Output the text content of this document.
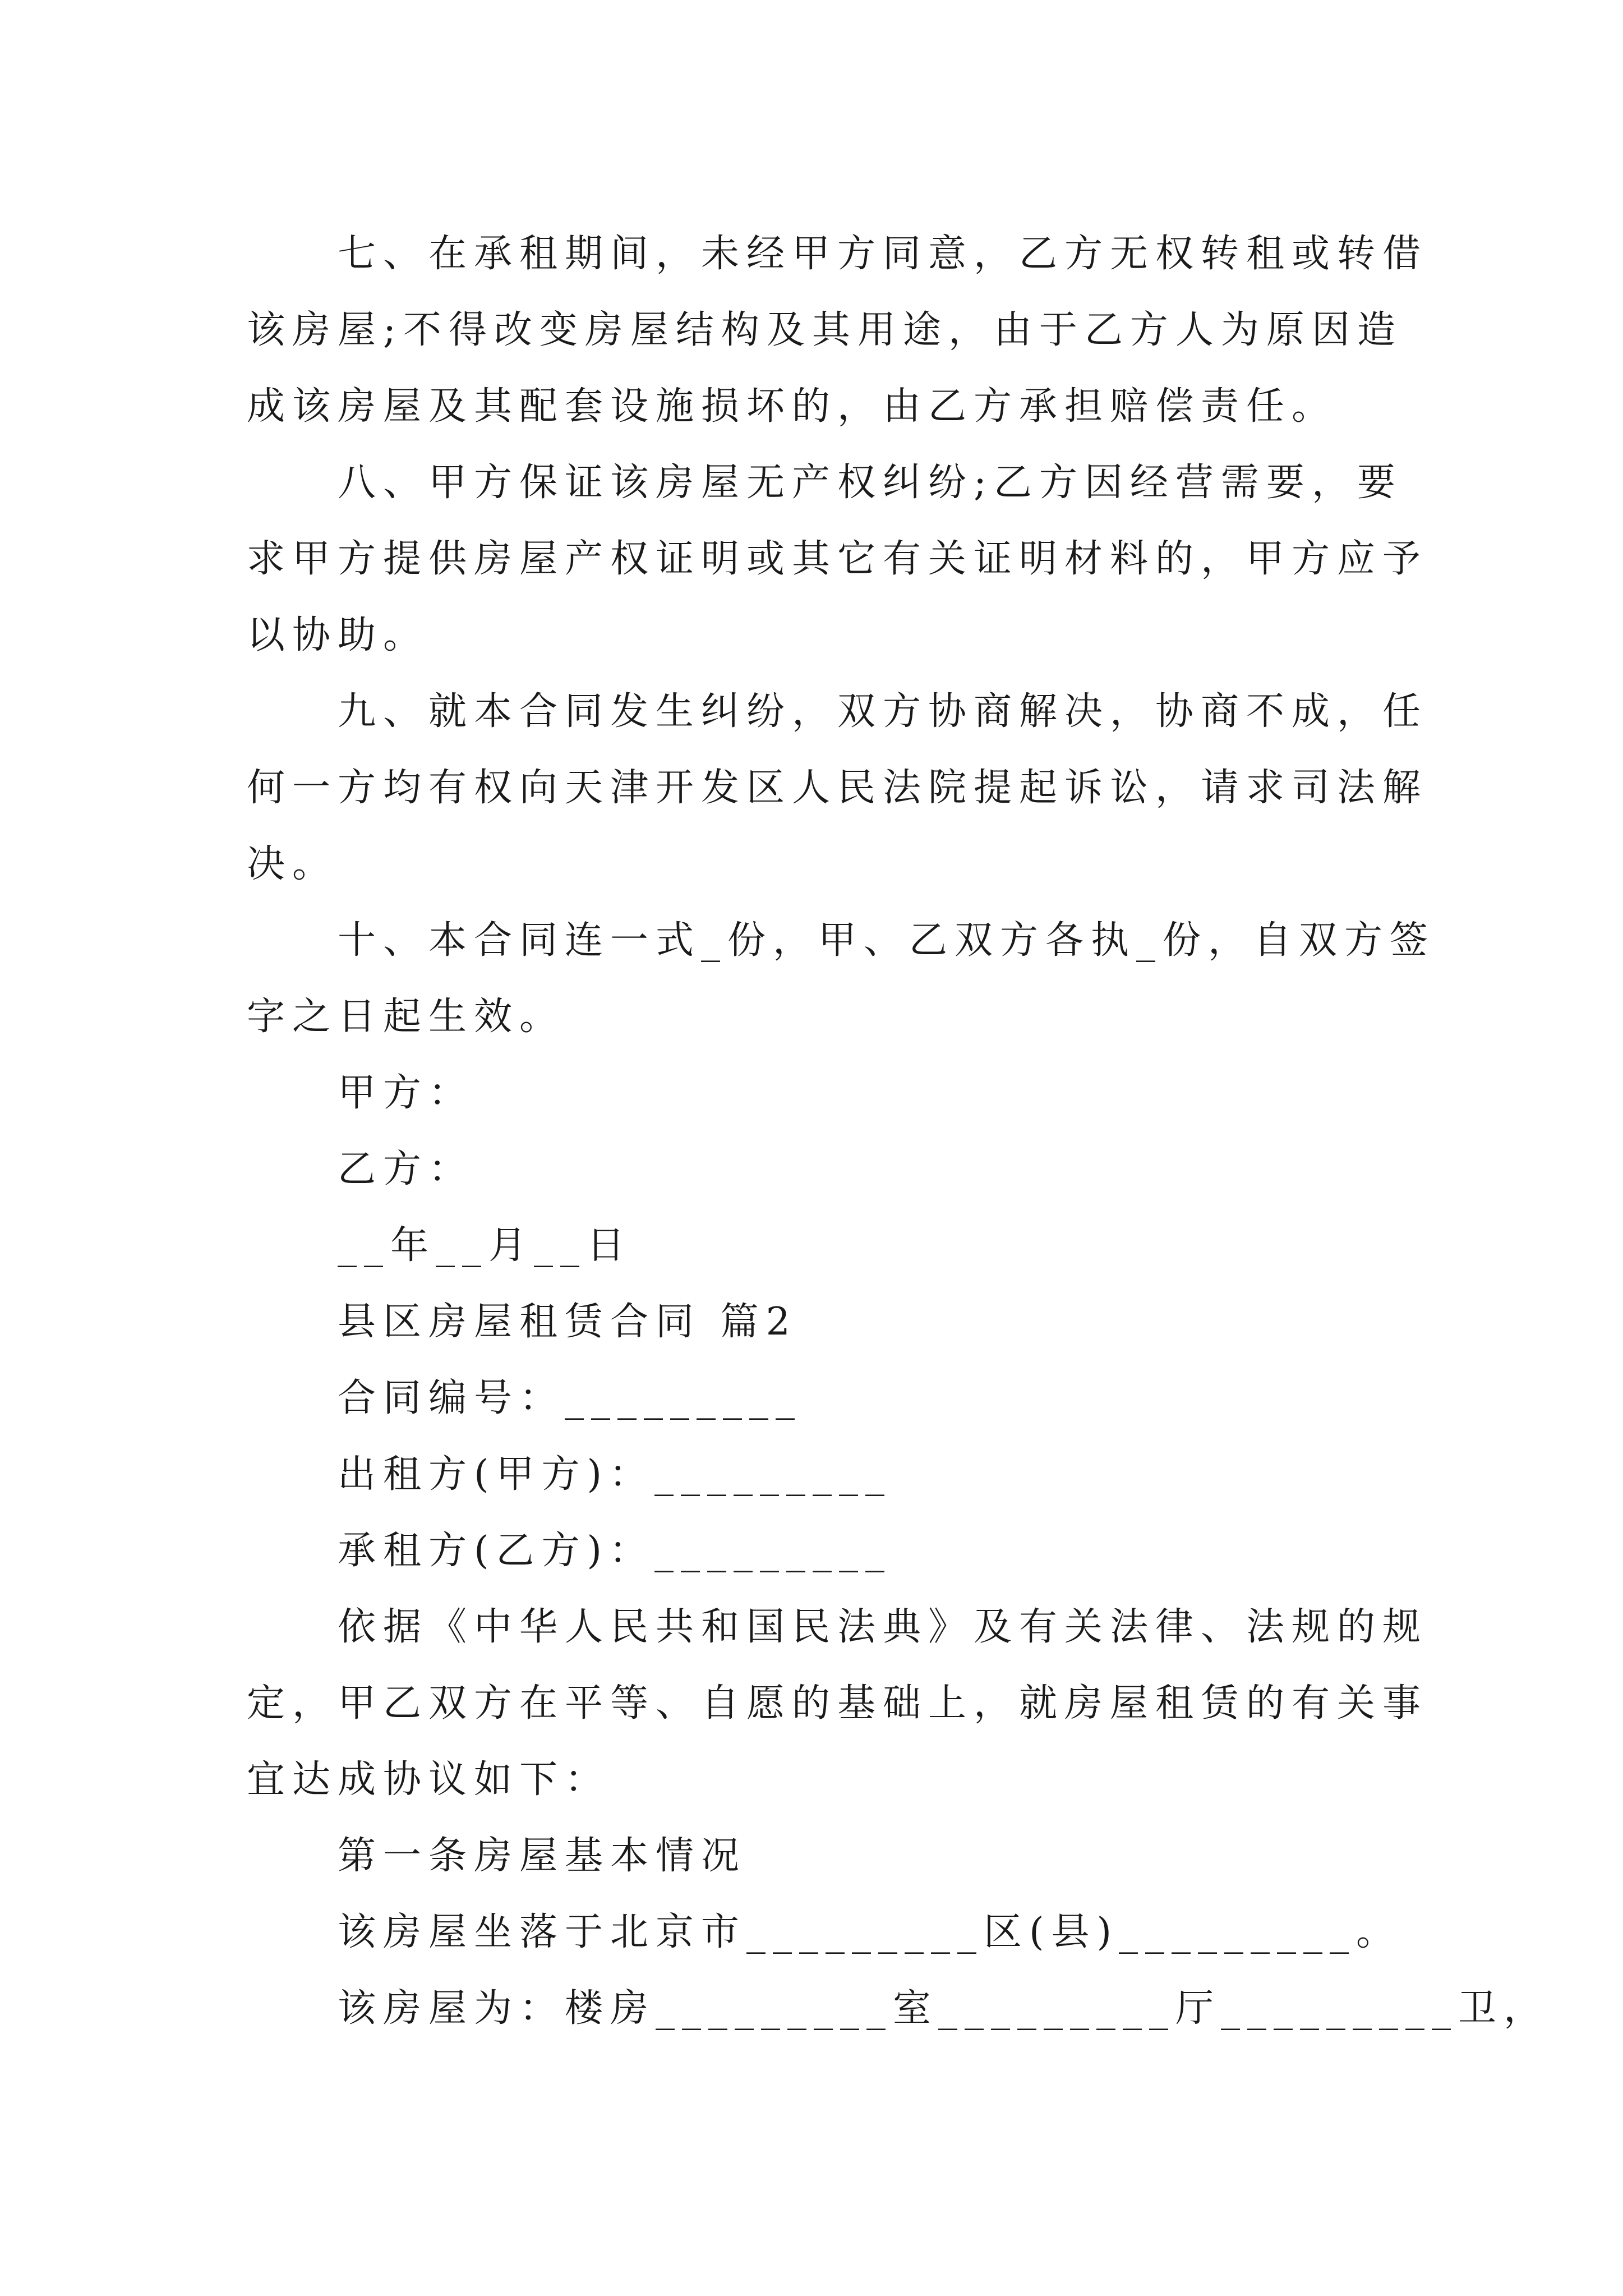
七、在承租期间，未经甲方同意，乙方无权转租或转借
该房屋;不得改变房屋结构及其用途，由于乙方人为原因造
成该房屋及其配套设施损坏的，由乙方承担赔偿责任。
八、甲方保证该房屋无产权纠纷;乙方因经营需要，要
求甲方提供房屋产权证明或其它有关证明材料的，甲方应予
以协助。
九、就本合同发生纠纷，双方协商解决，协商不成，任
何一方均有权向天津开发区人民法院提起诉讼，请求司法解
决。
十、本合同连一式_份，甲、乙双方各执_份，自双方签
字之日起生效。
甲方：
乙方：
__年__月__日
县区房屋租赁合同 篇2
合同编号：_________
出租方(甲方)：_________
承租方(乙方)：_________
依据《中华人民共和国民法典》及有关法律、法规的规
定，甲乙双方在平等、自愿的基础上，就房屋租赁的有关事
宜达成协议如下：
第一条房屋基本情况
该房屋坐落于北京市_________区(县)_________。
该房屋为：楼房_________室_________厅_________卫，
